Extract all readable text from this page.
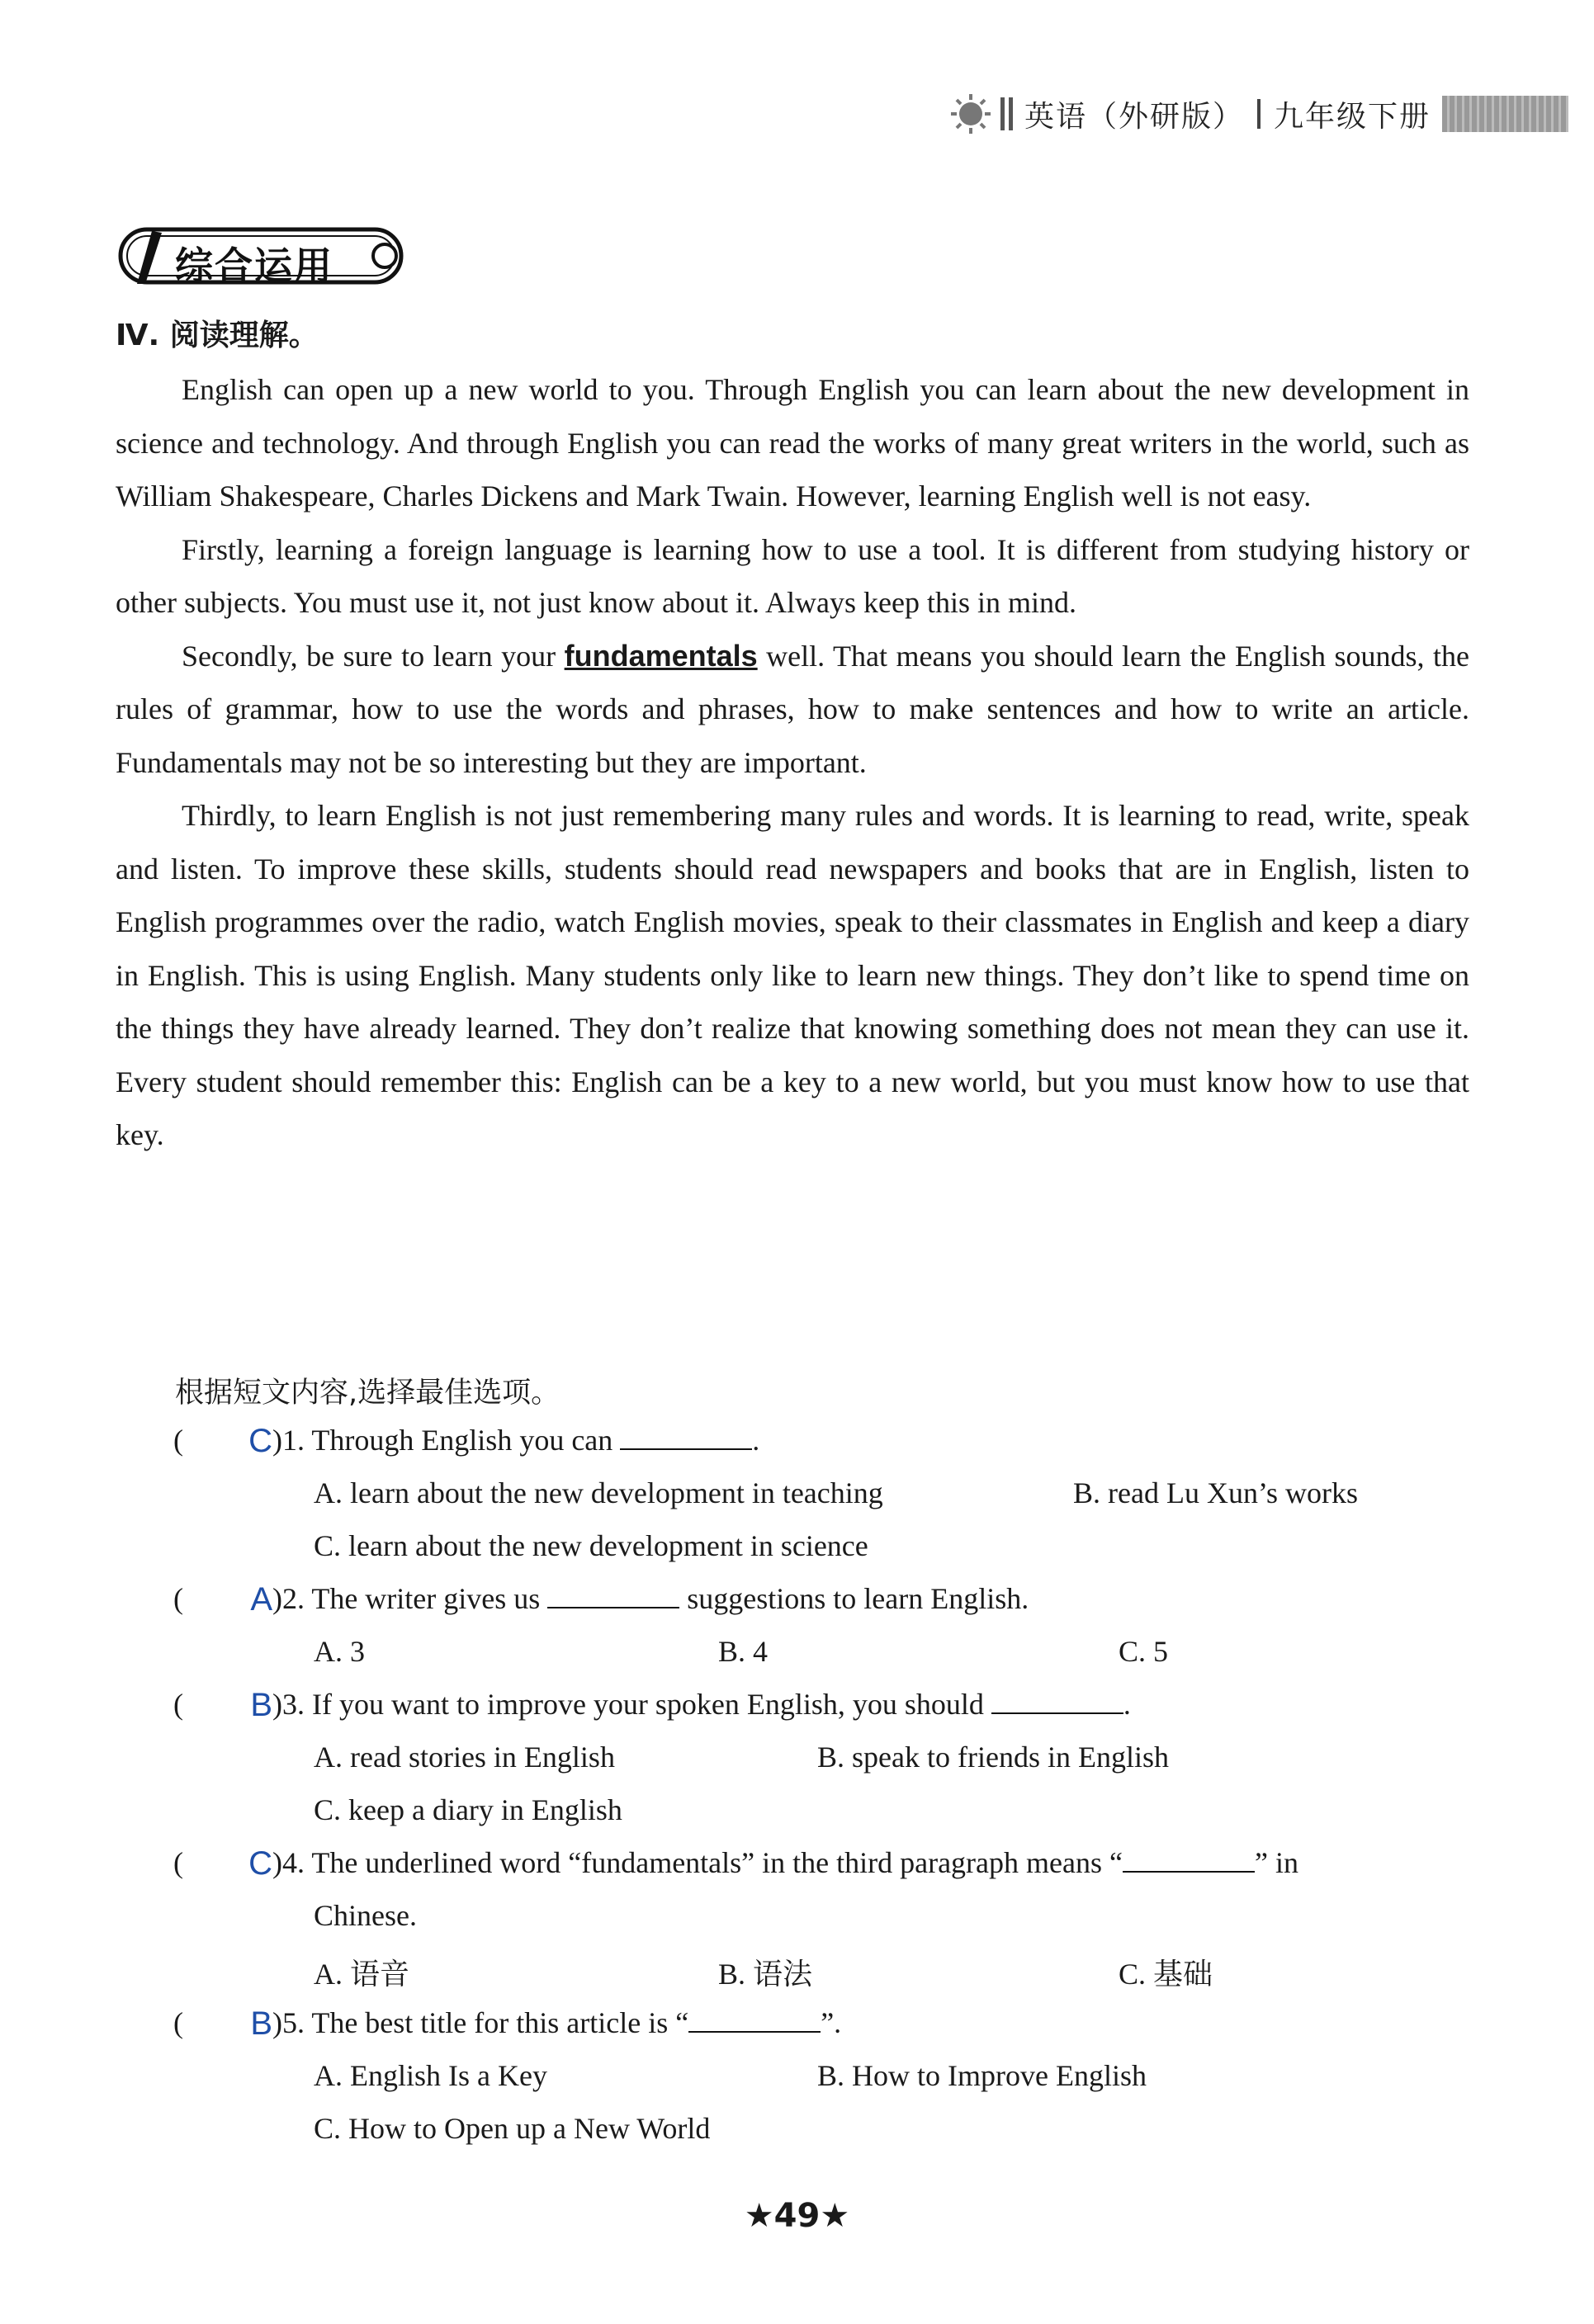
英语（外研版） 九年级下册
综合运用
Ⅳ. 阅读理解。

English can open up a new world to you. Through English you can learn about the new development in science and technology. And through English you can read the works of many great writers in the world, such as William Shakespeare, Charles Dickens and Mark Twain. However, learning English well is not easy.

Firstly, learning a foreign language is learning how to use a tool. It is different from studying history or other subjects. You must use it, not just know about it. Always keep this in mind.

Secondly, be sure to learn your fundamentals well. That means you should learn the English sounds, the rules of grammar, how to use the words and phrases, how to make sentences and how to write an article. Fundamentals may not be so interesting but they are important.

Thirdly, to learn English is not just remembering many rules and words. It is learning to read, write, speak and listen. To improve these skills, students should read newspapers and books that are in English, listen to English programmes over the radio, watch English movies, speak to their classmates in English and keep a diary in English. This is using English. Many students only like to learn new things. They don’t like to spend time on the things they have already learned. They don’t realize that knowing something does not mean they can use it. Every student should remember this: English can be a key to a new world, but you must know how to use that key.

根据短文内容,选择最佳选项。
( C )1. Through English you can	.
A. learn about the new development in teaching	B. read Lu Xun’s works
C. learn about the new development in science
( A )2. The writer gives us	suggestions to learn English.
A. 3	B. 4	C. 5
( B )3. If you want to improve your spoken English, you should	.
A. read stories in English	B. speak to friends in English
C. keep a diary in English
( C )4. The underlined word “fundamentals” in the third paragraph means “	” in
Chinese.
A. 语音	B. 语法	C. 基础
( B )5. The best title for this article is “	”.
A. English Is a Key	B. How to Improve English
C. How to Open up a New World
★49★
